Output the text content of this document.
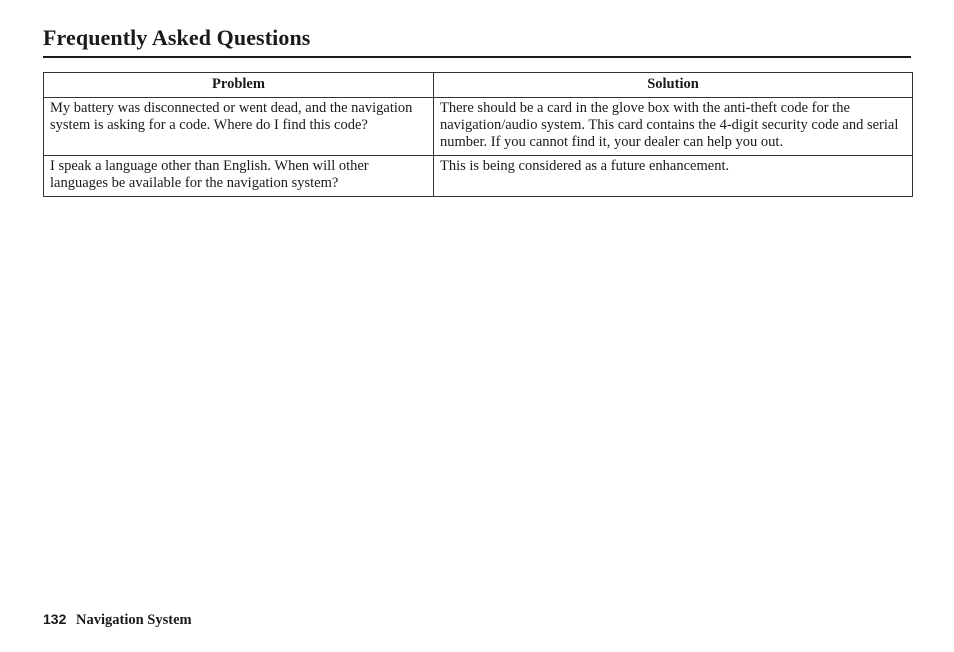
Frequently Asked Questions
Problem	Solution
My battery was disconnected or went dead, and the navigation system is asking for a code. Where do I find this code?	There should be a card in the glove box with the anti-theft code for the navigation/audio system. This card contains the 4-digit security code and serial number. If you cannot find it, your dealer can help you out.
I speak a language other than English. When will other languages be available for the navigation system?	This is being considered as a future enhancement.
132 Navigation System
